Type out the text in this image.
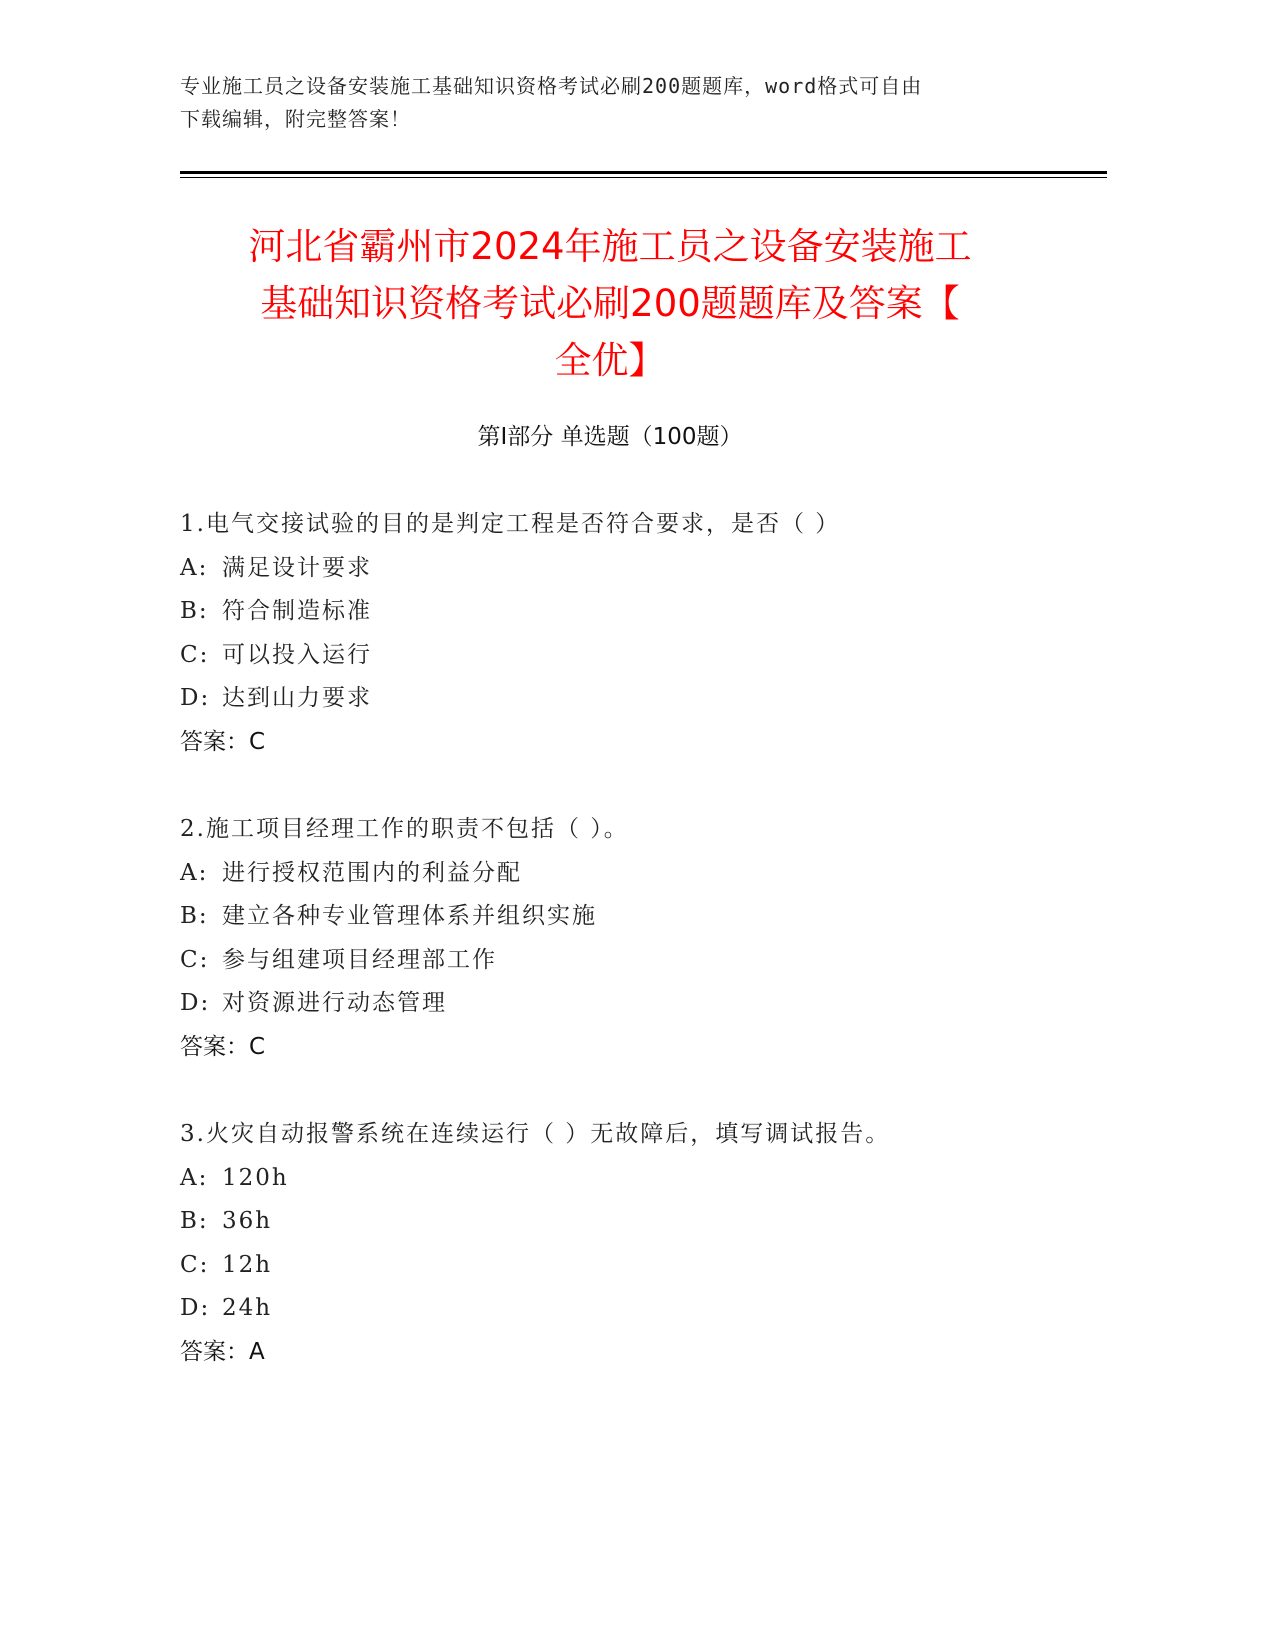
专业施工员之设备安装施工基础知识资格考试必刷200题题库，word格式可自由
下载编辑，附完整答案！
河北省霸州市2024年施工员之设备安装施工
基础知识资格考试必刷200题题库及答案【
全优】
第Ⅰ部分 单选题（100题）
1.电气交接试验的目的是判定工程是否符合要求，是否（ ）
A: 满足设计要求
B: 符合制造标准
C: 可以投入运行
D: 达到山力要求
答案：C
2.施工项目经理工作的职责不包括（ ）。
A: 进行授权范围内的利益分配
B: 建立各种专业管理体系并组织实施
C: 参与组建项目经理部工作
D: 对资源进行动态管理
答案：C
3.火灾自动报警系统在连续运行（ ）无故障后，填写调试报告。
A: 120h
B: 36h
C: 12h
D: 24h
答案：A
